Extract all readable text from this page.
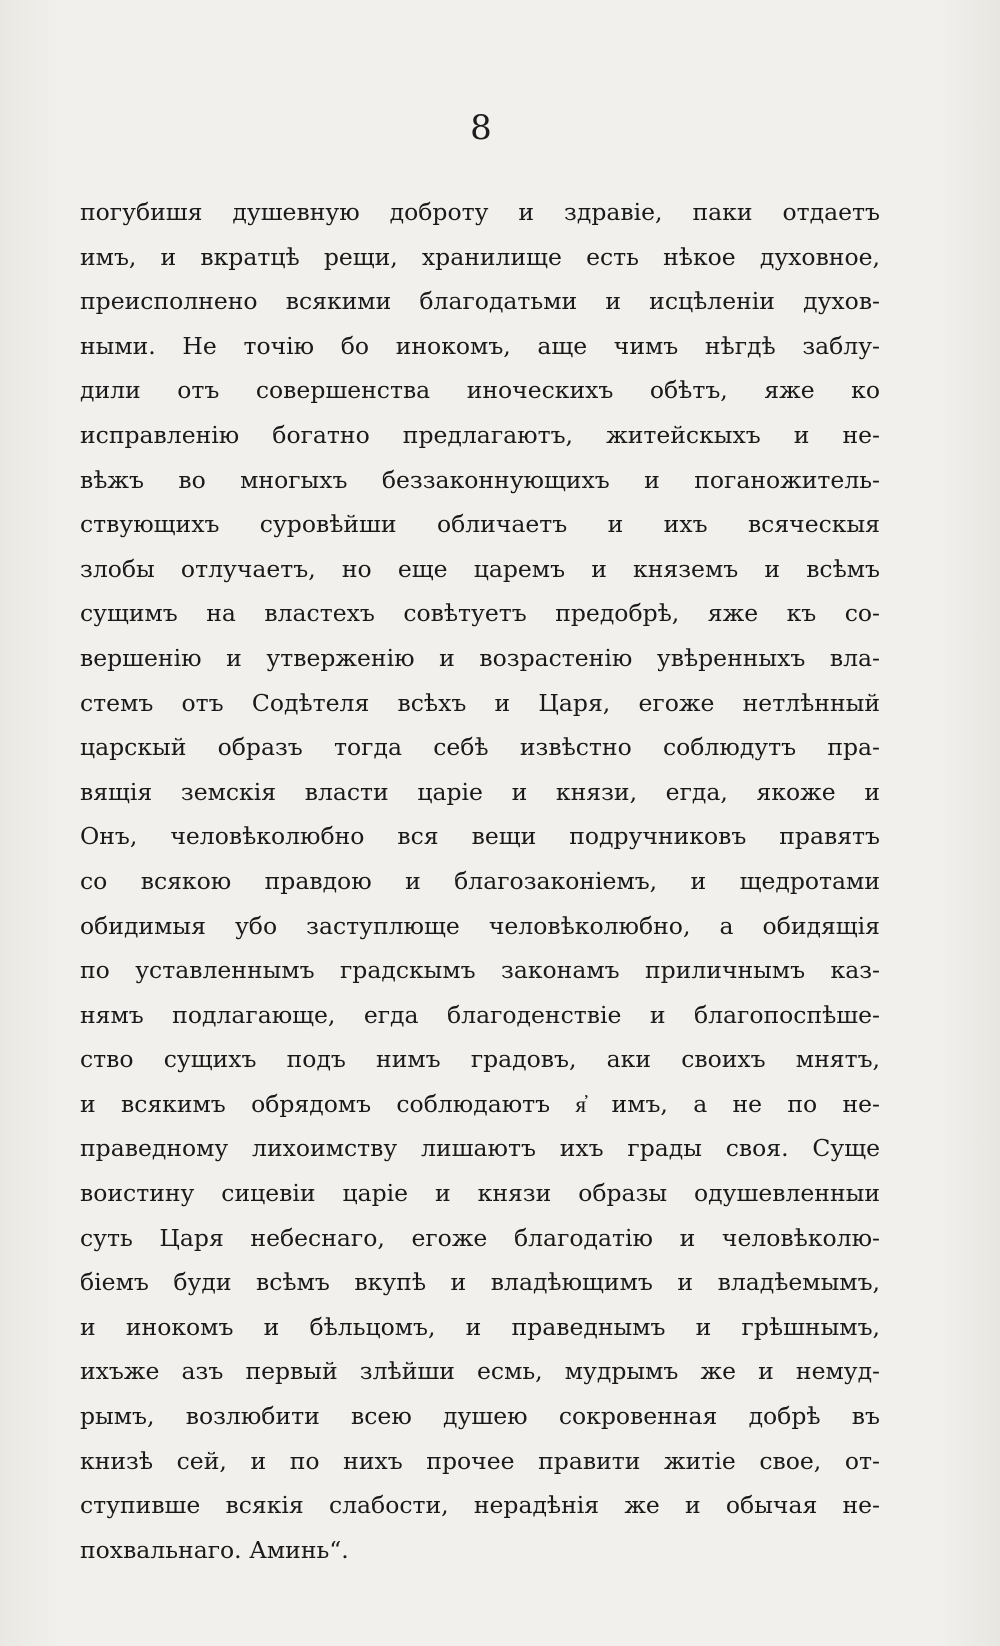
8
погубишя душевную доброту и здравіе, паки отдаетъ
имъ, и вкратцѣ рещи, хранилище есть нѣкое духовное,
преисполнено всякими благодатьми и исцѣленіи духов-
ными. Не точію бо инокомъ, аще чимъ нѣгдѣ заблу-
дили отъ совершенства иноческихъ обѣтъ, яже ко
исправленію богатно предлагаютъ, житейскыхъ и не-
вѣжъ во многыхъ беззаконнующихъ и поганожитель-
ствующихъ суровѣйши обличаетъ и ихъ всяческыя
злобы отлучаетъ, но еще царемъ и княземъ и всѣмъ
сущимъ на властехъ совѣтуетъ предобрѣ, яже къ со-
вершенію и утверженію и возрастенію увѣренныхъ вла-
стемъ отъ Содѣтеля всѣхъ и Царя, егоже нетлѣнный
царскый образъ тогда себѣ извѣстно соблюдутъ пра-
вящія земскія власти царіе и князи, егда, якоже и
Онъ, человѣколюбно вся вещи подручниковъ правятъ
со всякою правдою и благозаконіемъ, и щедротами
обидимыя убо заступлюще человѣколюбно, а обидящія
по уставленнымъ градскымъ законамъ приличнымъ каз-
нямъ подлагающе, егда благоденствіе и благопоспѣше-
ство сущихъ подъ нимъ градовъ, аки своихъ мнятъ,
и всякимъ обрядомъ соблюдаютъ я҆ имъ, а не по не-
праведному лихоимству лишаютъ ихъ грады своя. Суще
воистину сицевіи царіе и князи образы одушевленныи
суть Царя небеснаго, егоже благодатію и человѣколю-
біемъ буди всѣмъ вкупѣ и владѣющимъ и владѣемымъ,
и инокомъ и бѣльцомъ, и праведнымъ и грѣшнымъ,
ихъже азъ первый злѣйши есмь, мудрымъ же и немуд-
рымъ, возлюбити всею душею сокровенная добрѣ въ
книзѣ сей, и по нихъ прочее правити житіе свое, от-
ступивше всякія слабости, нерадѣнія же и обычая не-
похвальнаго. Аминь“.
